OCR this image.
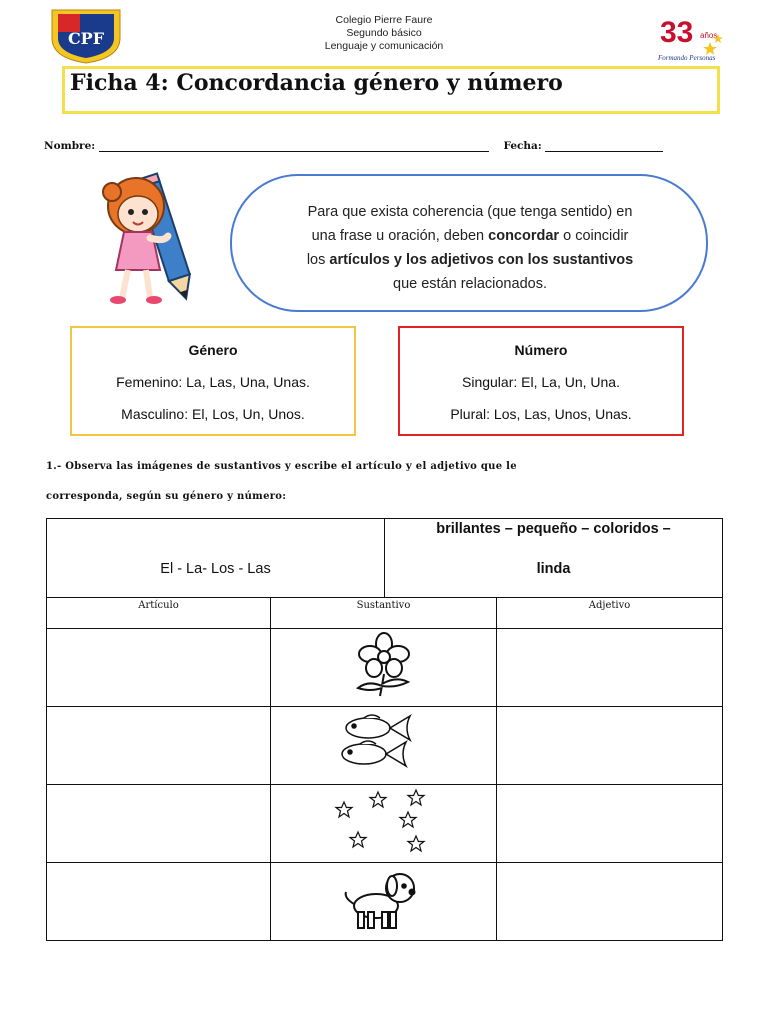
Colegio Pierre Faure
Segundo básico
Lenguaje y comunicación
CPF	33 años
Formando Personas
Ficha 4: Concordancia género y número
Nombre:	Fecha:
Para que exista coherencia (que tenga sentido) en
una frase u oración, deben concordar o coincidir
los artículos y los adjetivos con los sustantivos
que están relacionados.
Género
Femenino: La, Las, Una, Unas.
Masculino: El, Los, Un, Unos.
Número
Singular: El, La, Un, Una.
Plural: Los, Las, Unos, Unas.
1.- Observa las imágenes de sustantivos y escribe el artículo y el adjetivo que le
corresponda, según su género y número:
El - La- Los - Las		brillantes – pequeño – coloridos –
linda	

Artículo	Sustantivo		Adjetivo
